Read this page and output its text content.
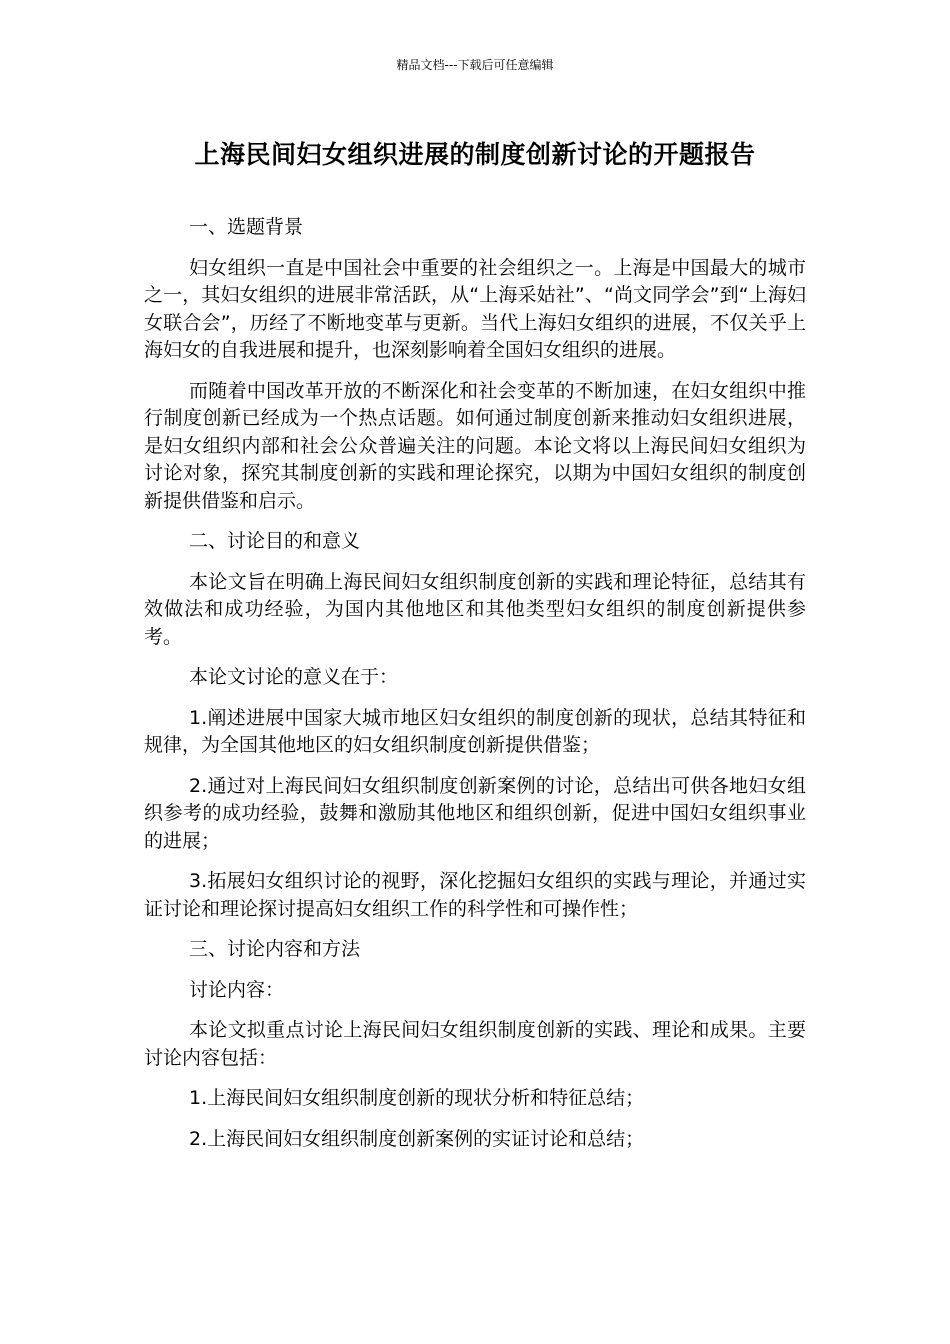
精品文档---下载后可任意编辑
上海民间妇女组织进展的制度创新讨论的开题报告

一、选题背景

妇女组织一直是中国社会中重要的社会组织之一。上海是中国最大的城市之一，其妇女组织的进展非常活跃，从“上海采姑社”、“尚文同学会”到“上海妇女联合会”，历经了不断地变革与更新。当代上海妇女组织的进展，不仅关乎上海妇女的自我进展和提升，也深刻影响着全国妇女组织的进展。

而随着中国改革开放的不断深化和社会变革的不断加速，在妇女组织中推行制度创新已经成为一个热点话题。如何通过制度创新来推动妇女组织进展，是妇女组织内部和社会公众普遍关注的问题。本论文将以上海民间妇女组织为讨论对象，探究其制度创新的实践和理论探究，以期为中国妇女组织的制度创新提供借鉴和启示。

二、讨论目的和意义

本论文旨在明确上海民间妇女组织制度创新的实践和理论特征，总结其有效做法和成功经验，为国内其他地区和其他类型妇女组织的制度创新提供参考。

本论文讨论的意义在于：

1.阐述进展中国家大城市地区妇女组织的制度创新的现状，总结其特征和规律，为全国其他地区的妇女组织制度创新提供借鉴；

2.通过对上海民间妇女组织制度创新案例的讨论，总结出可供各地妇女组织参考的成功经验，鼓舞和激励其他地区和组织创新，促进中国妇女组织事业的进展；

3.拓展妇女组织讨论的视野，深化挖掘妇女组织的实践与理论，并通过实证讨论和理论探讨提高妇女组织工作的科学性和可操作性；

三、讨论内容和方法

讨论内容：

本论文拟重点讨论上海民间妇女组织制度创新的实践、理论和成果。主要讨论内容包括：

1.上海民间妇女组织制度创新的现状分析和特征总结；

2.上海民间妇女组织制度创新案例的实证讨论和总结；
